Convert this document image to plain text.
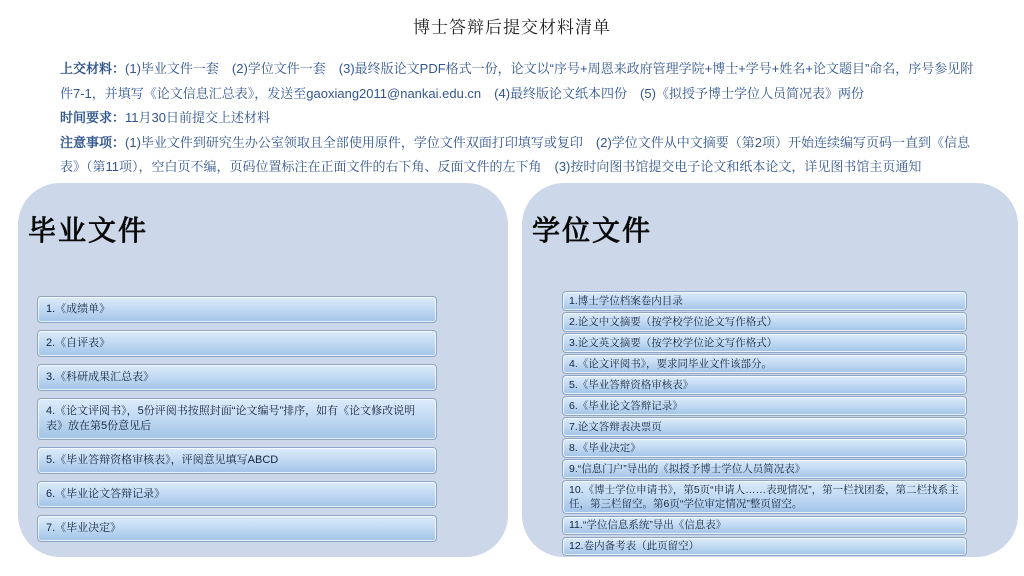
博士答辩后提交材料清单

上交材料：(1)毕业文件一套　(2)学位文件一套　(3)最终版论文PDF格式一份，论文以“序号+周恩来政府管理学院+博士+学号+姓名+论文题目”命名，序号参见附件7-1，并填写《论文信息汇总表》，发送至gaoxiang2011@nankai.edu.cn　(4)最终版论文纸本四份　(5)《拟授予博士学位人员简况表》两份

时间要求：11月30日前提交上述材料

注意事项：(1)毕业文件到研究生办公室领取且全部使用原件，学位文件双面打印填写或复印　(2)学位文件从中文摘要（第2项）开始连续编写页码一直到《信息表》（第11项），空白页不编，页码位置标注在正面文件的右下角、反面文件的左下角　(3)按时向图书馆提交电子论文和纸本论文，详见图书馆主页通知

毕业文件
1.《成绩单》
2.《自评表》
3.《科研成果汇总表》
4.《论文评阅书》，5份评阅书按照封面“论文编号”排序，如有《论文修改说明表》放在第5份意见后
5.《毕业答辩资格审核表》，评阅意见填写ABCD
6.《毕业论文答辩记录》
7.《毕业决定》
学位文件
1.博士学位档案卷内目录
2.论文中文摘要（按学校学位论文写作格式）
3.论文英文摘要（按学校学位论文写作格式）
4.《论文评阅书》，要求同毕业文件该部分。
5.《毕业答辩资格审核表》
6.《毕业论文答辩记录》
7.论文答辩表决票页
8.《毕业决定》
9.“信息门户”导出的《拟授予博士学位人员简况表》
10.《博士学位申请书》，第5页“申请人……表现情况”，第一栏找团委，第二栏找系主任，第三栏留空。第6页“学位审定情况”整页留空。
11.“学位信息系统”导出《信息表》
12.卷内备考表（此页留空）
